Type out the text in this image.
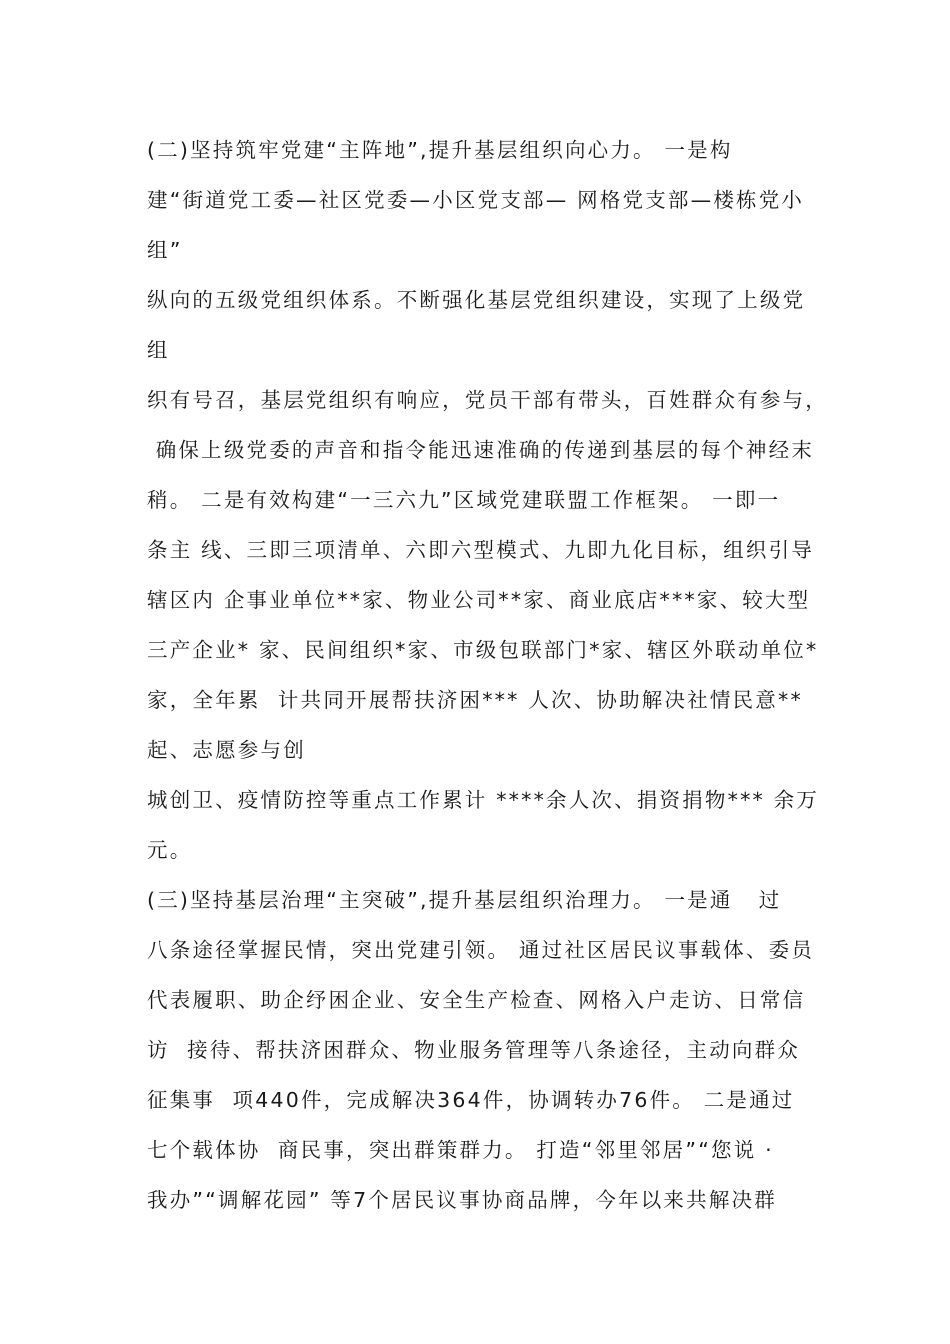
(二)坚持筑牢党建“主阵地”,提升基层组织向心力。 一是构
建“街道党工委—社区党委—小区党支部— 网格党支部—楼栋党小
组”
纵向的五级党组织体系。不断强化基层党组织建设，实现了上级党
组
织有号召，基层党组织有响应，党员干部有带头，百姓群众有参与，
确保上级党委的声音和指令能迅速准确的传递到基层的每个神经末
稍。 二是有效构建“一三六九”区域党建联盟工作框架。 一即一
条主 线、三即三项清单、六即六型模式、九即九化目标，组织引导
辖区内 企事业单位**家、物业公司**家、商业底店***家、较大型
三产企业* 家、民间组织*家、市级包联部门*家、辖区外联动单位*
家，全年累  计共同开展帮扶济困*** 人次、协助解决社情民意**
起、志愿参与创
城创卫、疫情防控等重点工作累计 ****余人次、捐资捐物*** 余万
元。
(三)坚持基层治理“主突破”,提升基层组织治理力。 一是通   过
八条途径掌握民情，突出党建引领。 通过社区居民议事载体、委员
代表履职、助企纾困企业、安全生产检查、网格入户走访、日常信
访  接待、帮扶济困群众、物业服务管理等八条途径，主动向群众
征集事  项440件，完成解决364件，协调转办76件。 二是通过
七个载体协  商民事，突出群策群力。 打造“邻里邻居”“您说 ·
我办”“调解花园” 等7个居民议事协商品牌，今年以来共解决群
